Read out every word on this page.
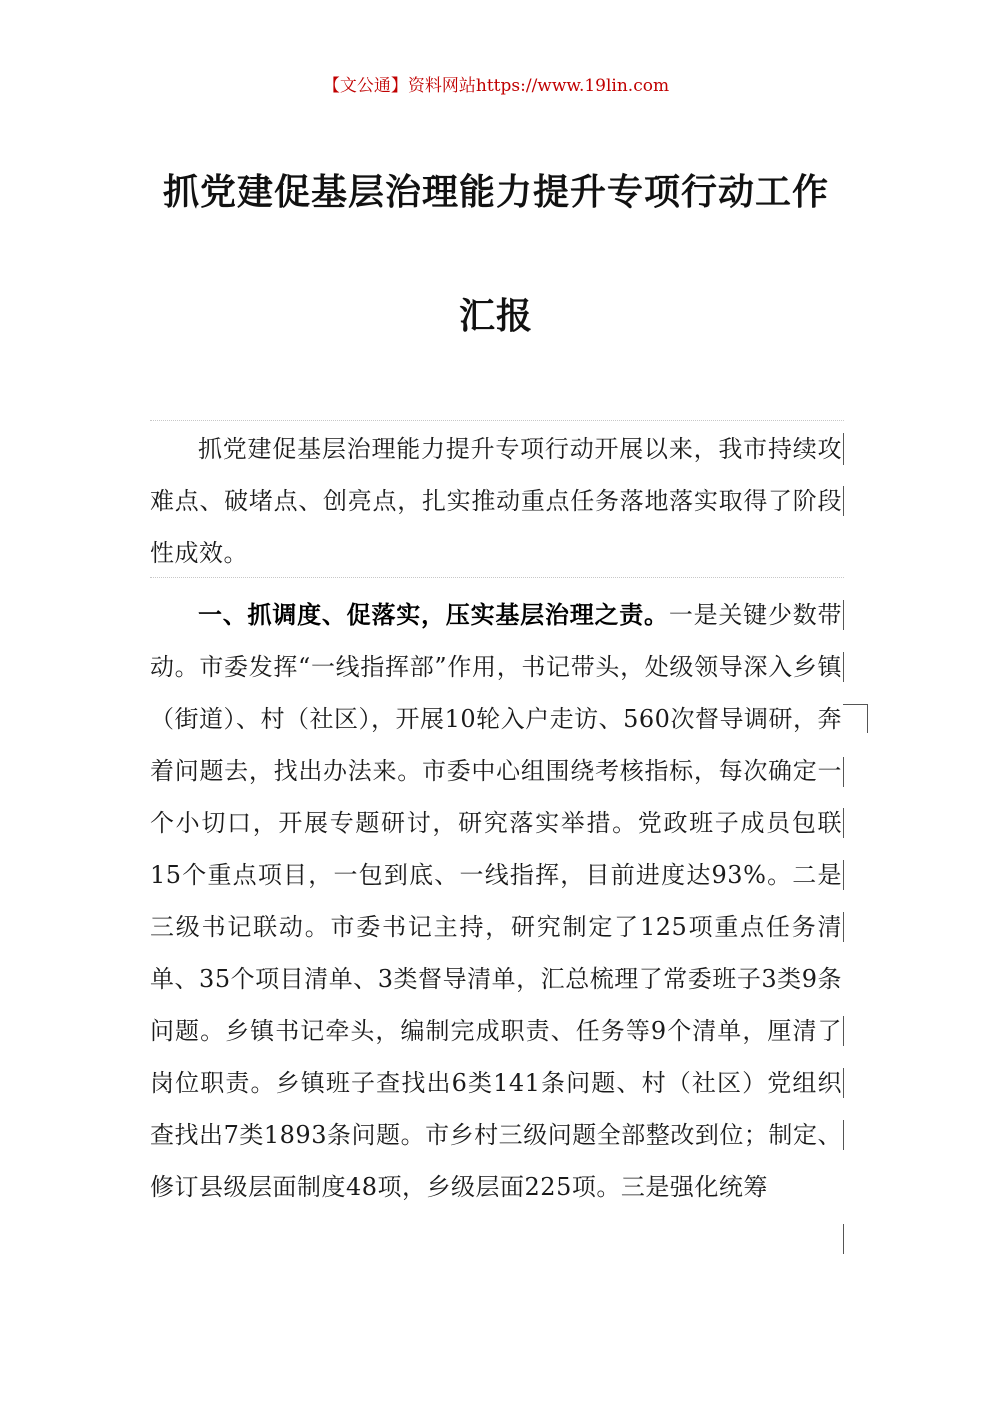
【文公通】资料网站https://www.19lin.com
抓党建促基层治理能力提升专项行动工作
汇报

抓党建促基层治理能力提升专项行动开展以来，我市持续攻难点、破堵点、创亮点，扎实推动重点任务落地落实取得了阶段性成效。

一、抓调度、促落实，压实基层治理之责。一是关键少数带动。市委发挥“一线指挥部”作用，书记带头，处级领导深入乡镇（街道）、村（社区），开展10轮入户走访、560次督导调研，奔着问题去，找出办法来。市委中心组围绕考核指标，每次确定一个小切口，开展专题研讨，研究落实举措。党政班子成员包联15个重点项目，一包到底、一线指挥，目前进度达93%。二是三级书记联动。市委书记主持，研究制定了125项重点任务清单、35个项目清单、3类督导清单，汇总梳理了常委班子3类9条问题。乡镇书记牵头，编制完成职责、任务等9个清单，厘清了岗位职责。乡镇班子查找出6类141条问题、村（社区）党组织查找出7类1893条问题。市乡村三级问题全部整改到位；制定、修订县级层面制度48项，乡级层面225项。三是强化统筹
